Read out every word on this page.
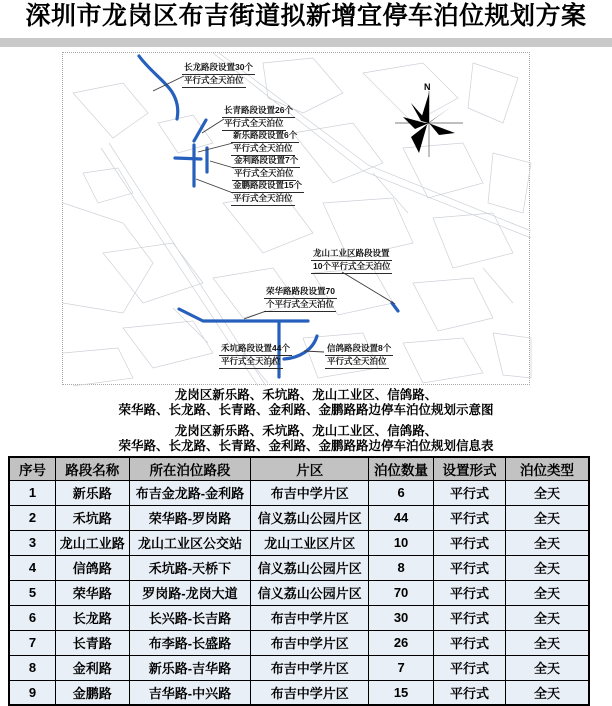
深圳市龙岗区布吉街道拟新增宜停车泊位规划方案
N
长龙路段设置30个
平行式全天泊位
长青路段设置26个
平行式全天泊位
新乐路段设置6个
平行式全天泊位
金利路段设置7个
平行式全天泊位
金鹏路段设置15个
平行式全天泊位
龙山工业区路段设置
10个平行式全天泊位
荣华路路段设置70
个平行式全天泊位
禾坑路段设置44个
平行式全天泊位
信鸽路段设置8个
平行式全天泊位
龙岗区新乐路、禾坑路、龙山工业区、信鸽路、
荣华路、长龙路、长青路、金利路、金鹏路路边停车泊位规划示意图
龙岗区新乐路、禾坑路、龙山工业区、信鸽路、
荣华路、长龙路、长青路、金利路、金鹏路路边停车泊位规划信息表
序号	路段名称	所在泊位路段	片区	泊位数量	设置形式	泊位类型
1	新乐路	布吉金龙路-金利路	布吉中学片区	6	平行式	全天
2	禾坑路	荣华路-罗岗路	信义荔山公园片区	44	平行式	全天
3	龙山工业路	龙山工业区公交站	龙山工业区片区	10	平行式	全天
4	信鸽路	禾坑路-天桥下	信义荔山公园片区	8	平行式	全天
5	荣华路	罗岗路-龙岗大道	信义荔山公园片区	70	平行式	全天
6	长龙路	长兴路-长吉路	布吉中学片区	30	平行式	全天
7	长青路	布李路-长盛路	布吉中学片区	26	平行式	全天
8	金利路	新乐路-吉华路	布吉中学片区	7	平行式	全天
9	金鹏路	吉华路-中兴路	布吉中学片区	15	平行式	全天
